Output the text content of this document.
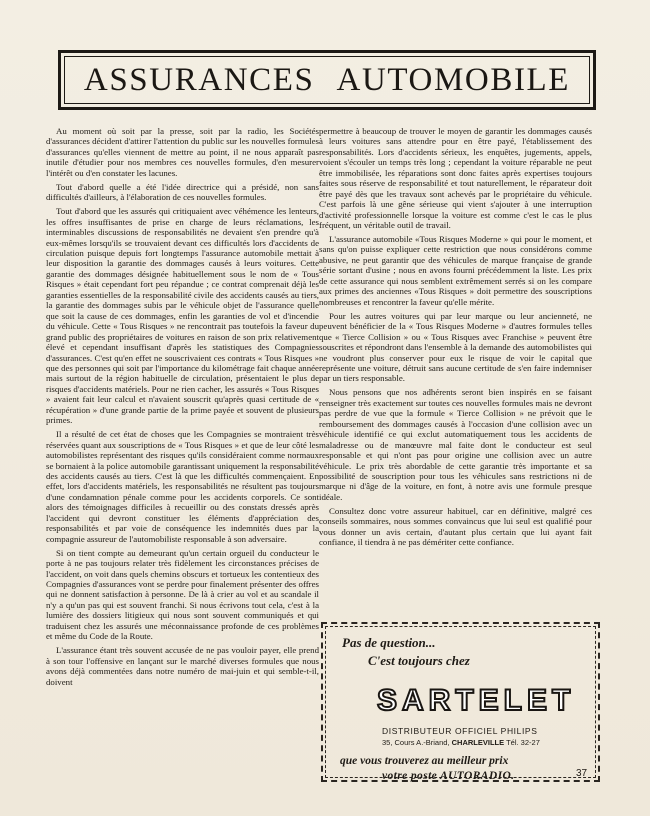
ASSURANCES AUTOMOBILE

Au moment où soit par la presse, soit par la radio, les Sociétés d'assurances décident d'attirer l'attention du public sur les nouvelles formules d'assurances qu'elles viennent de mettre au point, il ne nous apparaît pas inutile d'étudier pour nos membres ces nouvelles formules, d'en mesurer l'intérêt ou d'en constater les lacunes.

Tout d'abord quelle a été l'idée directrice qui a présidé, non sans difficultés d'ailleurs, à l'élaboration de ces nouvelles formules.

Tout d'abord que les assurés qui critiquaient avec véhémence les lenteurs, les offres insuffisantes de prise en charge de leurs réclamations, les interminables discussions de responsabilités ne devaient s'en prendre qu'à eux-mêmes lorsqu'ils se trouvaient devant ces difficultés lors d'accidents de circulation puisque depuis fort longtemps l'assurance automobile mettait à leur disposition la garantie des dommages causés à leurs voitures. Cette garantie des dommages désignée habituellement sous le nom de « Tous Risques » était cependant fort peu répandue ; ce contrat comprenait déjà les garanties essentielles de la responsabilité civile des accidents causés au tiers, la garantie des dommages subis par le véhicule objet de l'assurance quelle que soit la cause de ces dommages, enfin les garanties de vol et d'incendie du véhicule. Cette « Tous Risques » ne rencontrait pas toutefois la faveur du grand public des propriétaires de voitures en raison de son prix relativement élevé et cependant insuffisant d'après les statistiques des Compagnies d'assurances. C'est qu'en effet ne souscrivaient ces contrats « Tous Risques » que des personnes qui soit par l'importance du kilométrage fait chaque année mais surtout de la région habituelle de circulation, présentaient le plus de risques d'accidents matériels. Pour ne rien cacher, les assurés « Tous Risques » avaient fait leur calcul et n'avaient souscrit qu'après quasi certitude de « récupération » d'une grande partie de la prime payée et souvent de plusieurs primes.

Il a résulté de cet état de choses que les Compagnies se montraient très réservées quant aux souscriptions de « Tous Risques » et que de leur côté les automobilistes représentant des risques qu'ils considéraient comme normaux se bornaient à la police automobile garantissant uniquement la responsabilité des accidents causés au tiers. C'est là que les difficultés commençaient. En effet, lors d'accidents matériels, les responsabilités ne résultent pas toujours d'une condamnation pénale comme pour les accidents corporels. Ce sont alors des témoignages difficiles à recueillir ou des constats dressés après l'accident qui devront constituer les éléments d'appréciation des responsabilités et par voie de conséquence les indemnités dues par la compagnie assureur de l'automobiliste responsable à son adversaire.

Si on tient compte au demeurant qu'un certain orgueil du conducteur le porte à ne pas toujours relater très fidèlement les circonstances précises de l'accident, on voit dans quels chemins obscurs et tortueux les contentieux des Compagnies d'assurances vont se perdre pour finalement présenter des offres qui ne donnent satisfaction à personne. De là à crier au vol et au scandale il n'y a qu'un pas qui est souvent franchi. Si nous écrivons tout cela, c'est à la lumière des dossiers litigieux qui nous sont souvent communiqués et qui traduisent chez les assurés une méconnaissance profonde de ces problèmes et même du Code de la Route.

L'assurance étant très souvent accusée de ne pas vouloir payer, elle prend à son tour l'offensive en lançant sur le marché diverses formules que nous avons déjà commentées dans notre numéro de mai-juin et qui semble-t-il, doivent

permettre à beaucoup de trouver le moyen de garantir les dommages causés à leurs voitures sans attendre pour en être payé, l'établissement des responsabilités. Lors d'accidents sérieux, les enquêtes, jugements, appels, voient s'écouler un temps très long ; cependant la voiture réparable ne peut être immobilisée, les réparations sont donc faites après expertises toujours faites sous réserve de responsabilité et tout naturellement, le réparateur doit être payé dès que les travaux sont achevés par le propriétaire du véhicule. C'est parfois là une gêne sérieuse qui vient s'ajouter à une interruption d'activité professionnelle lorsque la voiture est comme c'est le cas le plus fréquent, un véritable outil de travail.

L'assurance automobile «Tous Risques Moderne » qui pour le moment, et sans qu'on puisse expliquer cette restriction que nous considérons comme abusive, ne peut garantir que des véhicules de marque française de grande série sortant d'usine ; nous en avons fourni précédemment la liste. Les prix de cette assurance qui nous semblent extrêmement serrés si on les compare aux primes des anciennes «Tous Risques » doit permettre des souscriptions nombreuses et rencontrer la faveur qu'elle mérite.

Pour les autres voitures qui par leur marque ou leur ancienneté, ne peuvent bénéficier de la « Tous Risques Moderne » d'autres formules telles que « Tierce Collision » ou « Tous Risques avec Franchise » peuvent être souscrites et répondront dans l'ensemble à la demande des automobilistes qui ne voudront plus conserver pour eux le risque de voir le capital que représente une voiture, détruit sans aucune certitude de s'en faire indemniser par un tiers responsable.

Nous pensons que nos adhérents seront bien inspirés en se faisant renseigner très exactement sur toutes ces nouvelles formules mais ne devront pas perdre de vue que la formule « Tierce Collision » ne prévoit que le remboursement des dommages causés à l'occasion d'une collision avec un véhicule identifié ce qui exclut automatiquement tous les accidents de maladresse ou de manœuvre mal faite dont le conducteur est seul responsable et qui n'ont pas pour origine une collision avec un autre véhicule. Le prix très abordable de cette garantie très importante et sa possibilité de souscription pour tous les véhicules sans restrictions ni de marque ni d'âge de la voiture, en font, à notre avis une formule presque idéale.

Consultez donc votre assureur habituel, car en définitive, malgré ces conseils sommaires, nous sommes convaincus que lui seul est qualifié pour vous donner un avis certain, d'autant plus certain que lui ayant fait confiance, il tiendra à ne pas démériter cette confiance.

Pas de question...
C'est toujours chez
SARTELET
DISTRIBUTEUR OFFICIEL PHILIPS
35, Cours A.-Briand, CHARLEVILLE Tél. 32-27
que vous trouverez au meilleur prix
votre poste AUTORADIO.	37
